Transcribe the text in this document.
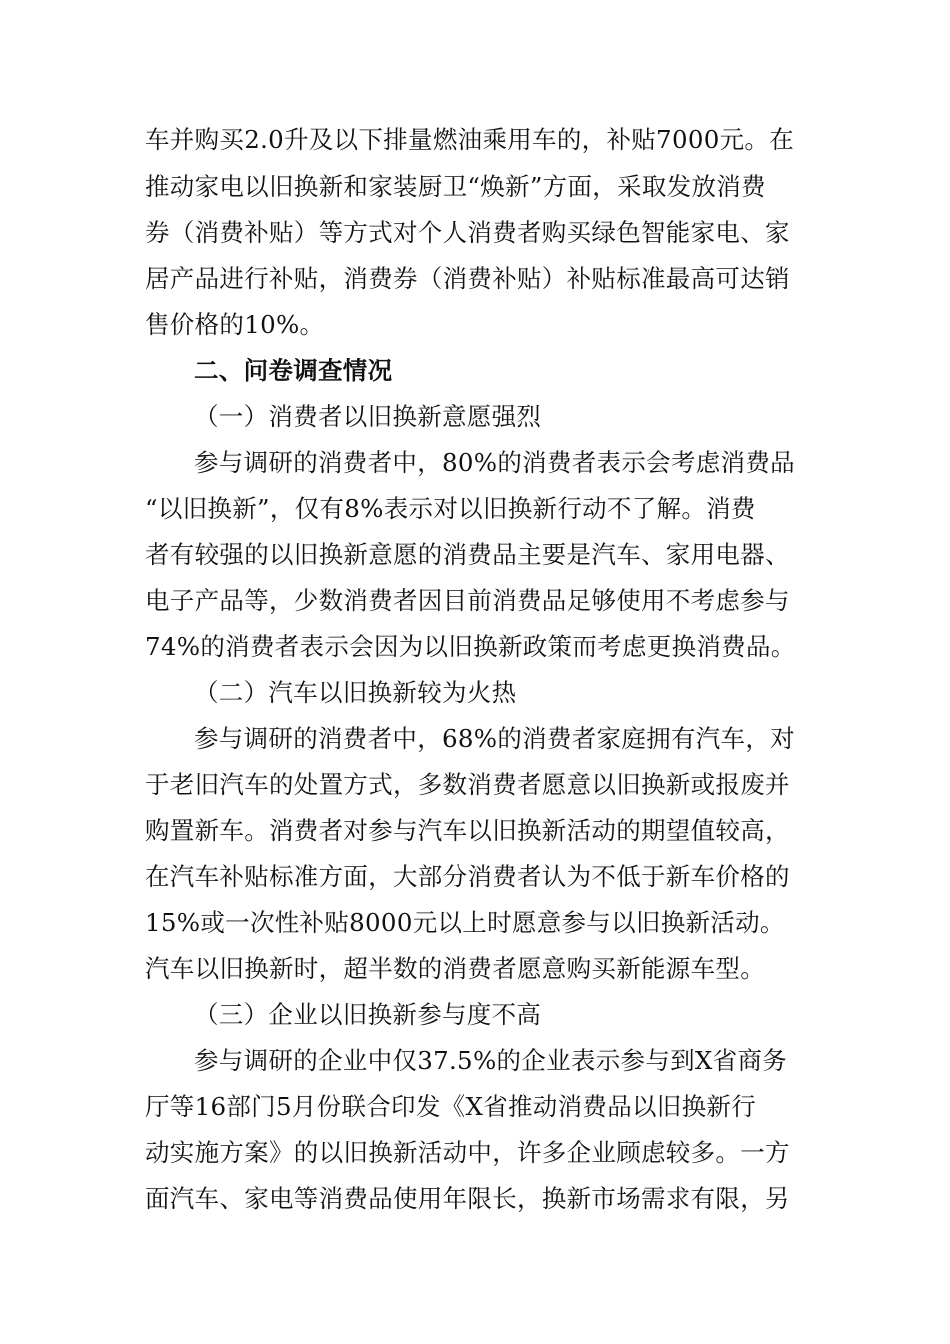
车并购买2.0升及以下排量燃油乘用车的，补贴7000元。在
推动家电以旧换新和家装厨卫“焕新”方面，采取发放消费
券（消费补贴）等方式对个人消费者购买绿色智能家电、家
居产品进行补贴，消费券（消费补贴）补贴标准最高可达销
售价格的10%。
二、问卷调查情况
（一）消费者以旧换新意愿强烈
参与调研的消费者中，80%的消费者表示会考虑消费品
“以旧换新”，仅有8%表示对以旧换新行动不了解。消费
者有较强的以旧换新意愿的消费品主要是汽车、家用电器、
电子产品等，少数消费者因目前消费品足够使用不考虑参与
74%的消费者表示会因为以旧换新政策而考虑更换消费品。
（二）汽车以旧换新较为火热
参与调研的消费者中，68%的消费者家庭拥有汽车，对
于老旧汽车的处置方式，多数消费者愿意以旧换新或报废并
购置新车。消费者对参与汽车以旧换新活动的期望值较高，
在汽车补贴标准方面，大部分消费者认为不低于新车价格的
15%或一次性补贴8000元以上时愿意参与以旧换新活动。
汽车以旧换新时，超半数的消费者愿意购买新能源车型。
（三）企业以旧换新参与度不高
参与调研的企业中仅37.5%的企业表示参与到X省商务
厅等16部门5月份联合印发《X省推动消费品以旧换新行
动实施方案》的以旧换新活动中，许多企业顾虑较多。一方
面汽车、家电等消费品使用年限长，换新市场需求有限，另
